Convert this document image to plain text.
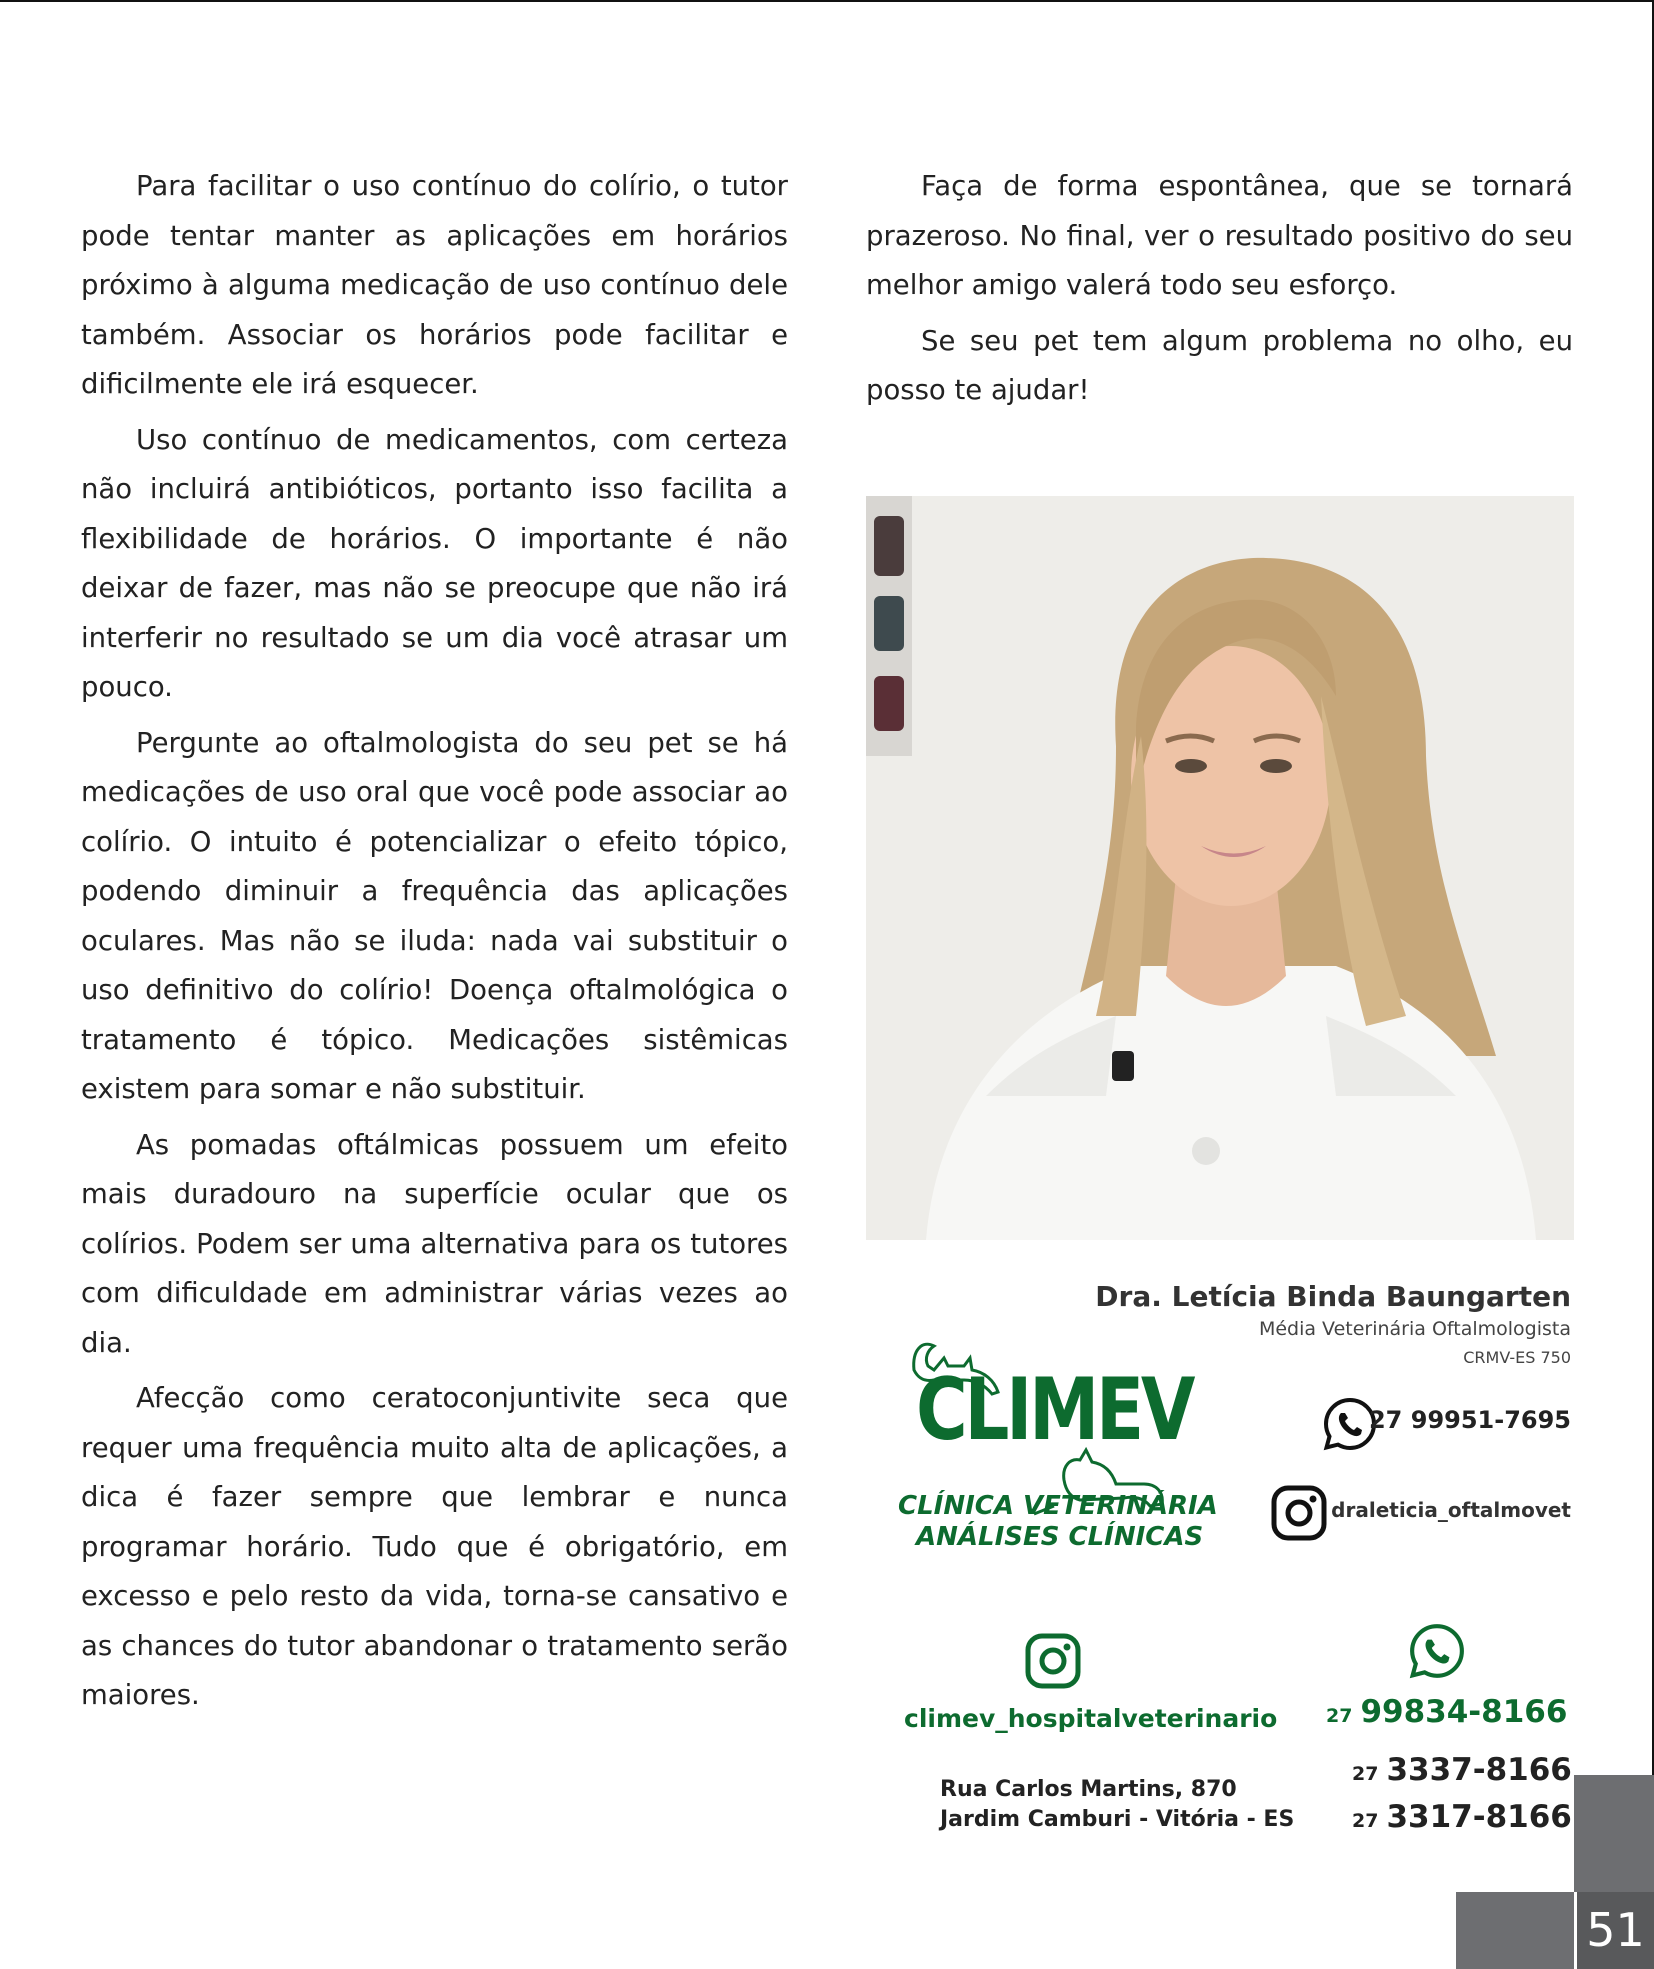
Para facilitar o uso contínuo do colírio, o tutor pode tentar manter as aplicações em horários próximo à alguma medicação de uso contínuo dele também. Associar os horários pode facilitar e dificilmente ele irá esquecer.

Uso contínuo de medicamentos, com certeza não incluirá antibióticos, portanto isso facilita a flexibilidade de horários. O importante é não deixar de fazer, mas não se preocupe que não irá interferir no resultado se um dia você atrasar um pouco.

Pergunte ao oftalmologista do seu pet se há medicações de uso oral que você pode associar ao colírio. O intuito é potencializar o efeito tópico, podendo diminuir a frequência das aplicações oculares. Mas não se iluda: nada vai substituir o uso definitivo do colírio! Doença oftalmológica o tratamento é tópico. Medicações sistêmicas existem para somar e não substituir.

As pomadas oftálmicas possuem um efeito mais duradouro na superfície ocular que os colírios. Podem ser uma alternativa para os tutores com dificuldade em administrar várias vezes ao dia.

Afecção como ceratoconjuntivite seca que requer uma frequência muito alta de aplicações, a dica é fazer sempre que lembrar e nunca programar horário. Tudo que é obrigatório, em excesso e pelo resto da vida, torna-se cansativo e as chances do tutor abandonar o tratamento serão maiores.

Faça de forma espontânea, que se tornará prazeroso. No final, ver o resultado positivo do seu melhor amigo valerá todo seu esforço.

Se seu pet tem algum problema no olho, eu posso te ajudar!

Dra. Letícia Binda Baungarten
Média Veterinária Oftalmologista
CRMV-ES 750
27 99951-7695
draleticia_oftalmovet
CLIMEV
CLÍNICA VETERINÁRIA
ANÁLISES CLÍNICAS
climev_hospitalveterinario	27 99834-8166
27 3337-8166
27 3317-8166
Rua Carlos Martins, 870
Jardim Camburi - Vitória - ES
51
